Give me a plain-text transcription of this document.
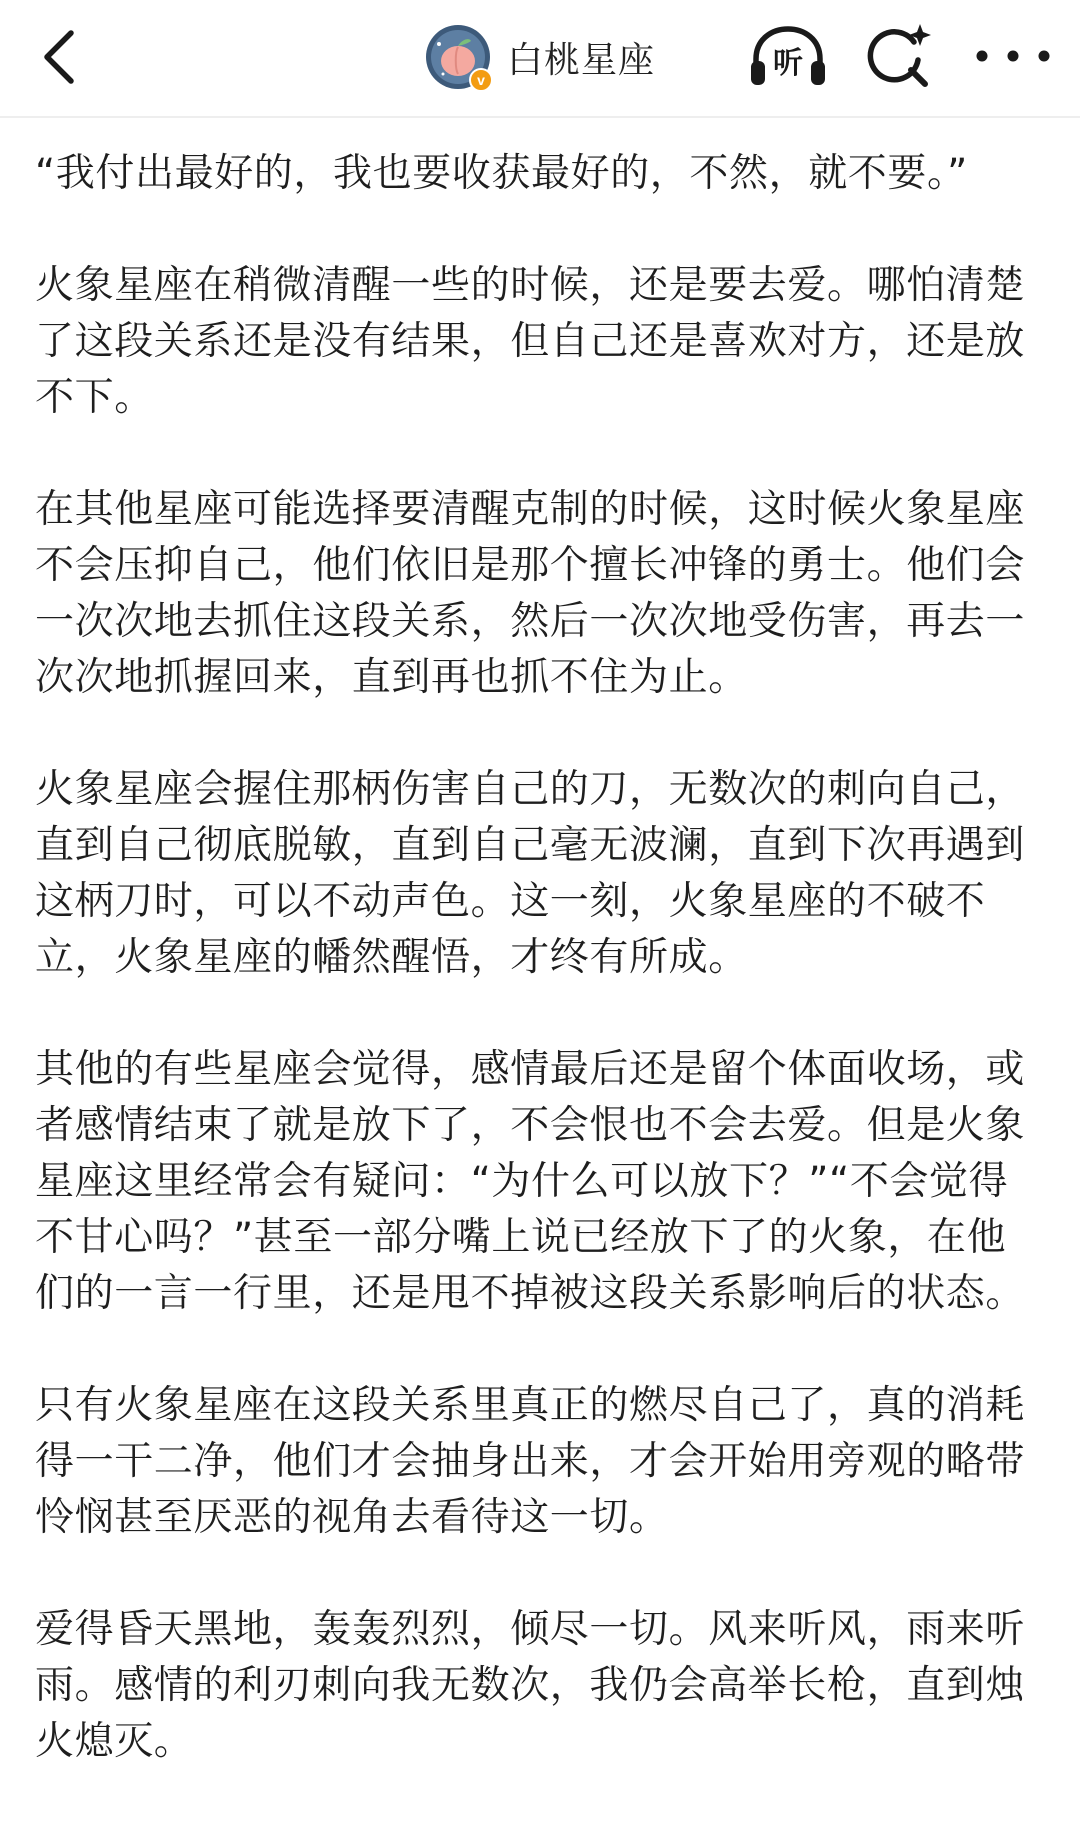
v 白桃星座	听

“我付出最好的，我也要收获最好的，不然，就不要。”

火象星座在稍微清醒一些的时候，还是要去爱。哪怕清楚了这段关系还是没有结果，但自己还是喜欢对方，还是放不下。

在其他星座可能选择要清醒克制的时候，这时候火象星座不会压抑自己，他们依旧是那个擅长冲锋的勇士。他们会一次次地去抓住这段关系，然后一次次地受伤害，再去一次次地抓握回来，直到再也抓不住为止。

火象星座会握住那柄伤害自己的刀，无数次的刺向自己，直到自己彻底脱敏，直到自己毫无波澜，直到下次再遇到这柄刀时，可以不动声色。这一刻，火象星座的不破不立，火象星座的幡然醒悟，才终有所成。

其他的有些星座会觉得，感情最后还是留个体面收场，或者感情结束了就是放下了，不会恨也不会去爱。但是火象星座这里经常会有疑问：“为什么可以放下？”“不会觉得不甘心吗？”甚至一部分嘴上说已经放下了的火象，在他们的一言一行里，还是甩不掉被这段关系影响后的状态。

只有火象星座在这段关系里真正的燃尽自己了，真的消耗得一干二净，他们才会抽身出来，才会开始用旁观的略带怜悯甚至厌恶的视角去看待这一切。

爱得昏天黑地，轰轰烈烈，倾尽一切。风来听风，雨来听雨。感情的利刃刺向我无数次，我仍会高举长枪，直到烛火熄灭。
